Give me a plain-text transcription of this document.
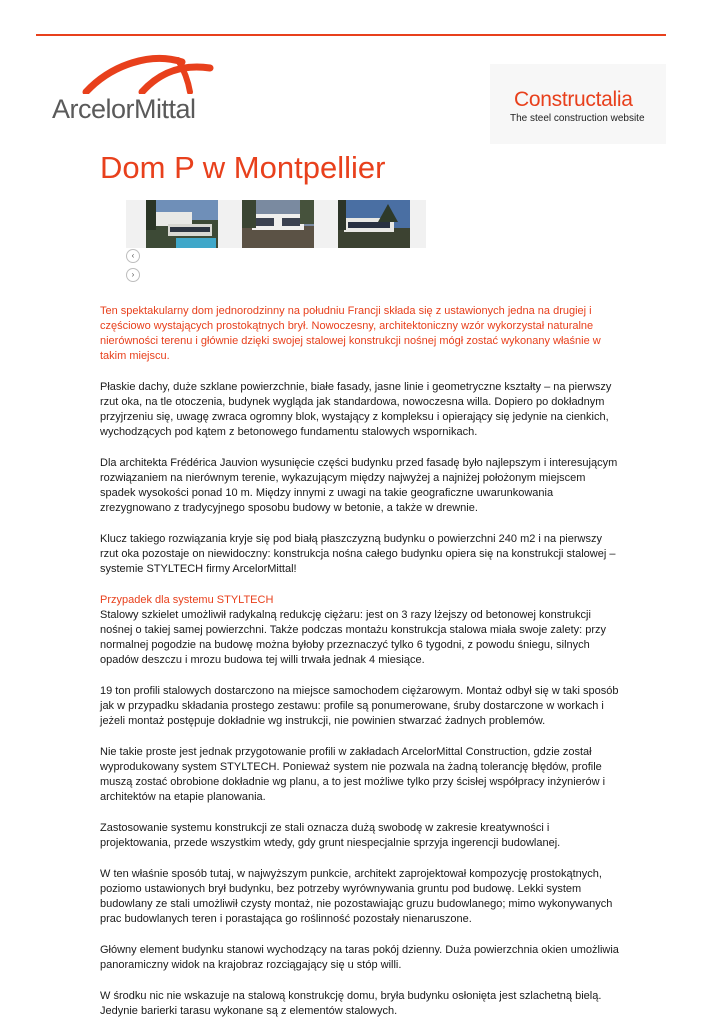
ArcelorMittal	Constructalia
The steel construction website
Dom P w Montpellier
‹
›

Ten spektakularny dom jednorodzinny na południu Francji składa się z ustawionych jedna na drugiej i częściowo wystających prostokątnych brył. Nowoczesny, architektoniczny wzór wykorzystał naturalne nierówności terenu i głównie dzięki swojej stalowej konstrukcji nośnej mógł zostać wykonany właśnie w takim miejscu.

Płaskie dachy, duże szklane powierzchnie, białe fasady, jasne linie i geometryczne kształty – na pierwszy rzut oka, na tle otoczenia, budynek wygląda jak standardowa, nowoczesna willa. Dopiero po dokładnym przyjrzeniu się, uwagę zwraca ogromny blok, wystający z kompleksu i opierający się jedynie na cienkich, wychodzących pod kątem z betonowego fundamentu stalowych wspornikach.

Dla architekta Frédérica Jauvion wysunięcie części budynku przed fasadę było najlepszym i interesującym rozwiązaniem na nierównym terenie, wykazującym między najwyżej a najniżej położonym miejscem spadek wysokości ponad 10 m. Między innymi z uwagi na takie geograficzne uwarunkowania zrezygnowano z tradycyjnego sposobu budowy w betonie, a także w drewnie.

Klucz takiego rozwiązania kryje się pod białą płaszczyzną budynku o powierzchni 240 m2 i na pierwszy rzut oka pozostaje on niewidoczny: konstrukcja nośna całego budynku opiera się na konstrukcji stalowej – systemie STYLTECH firmy ArcelorMittal!

Przypadek dla systemu STYLTECH
Stalowy szkielet umożliwił radykalną redukcję ciężaru: jest on 3 razy lżejszy od betonowej konstrukcji nośnej o takiej samej powierzchni. Także podczas montażu konstrukcja stalowa miała swoje zalety: przy normalnej pogodzie na budowę można byłoby przeznaczyć tylko 6 tygodni, z powodu śniegu, silnych opadów deszczu i mrozu budowa tej willi trwała jednak 4 miesiące.

19 ton profili stalowych dostarczono na miejsce samochodem ciężarowym. Montaż odbył się w taki sposób jak w przypadku składania prostego zestawu: profile są ponumerowane, śruby dostarczone w workach i jeżeli montaż postępuje dokładnie wg instrukcji, nie powinien stwarzać żadnych problemów.

Nie takie proste jest jednak przygotowanie profili w zakładach ArcelorMittal Construction, gdzie został wyprodukowany system STYLTECH. Ponieważ system nie pozwala na żadną tolerancję błędów, profile muszą zostać obrobione dokładnie wg planu, a to jest możliwe tylko przy ścisłej współpracy inżynierów i architektów na etapie planowania.

Zastosowanie systemu konstrukcji ze stali oznacza dużą swobodę w zakresie kreatywności i projektowania, przede wszystkim wtedy, gdy grunt niespecjalnie sprzyja ingerencji budowlanej.

W ten właśnie sposób tutaj, w najwyższym punkcie, architekt zaprojektował kompozycję prostokątnych, poziomo ustawionych brył budynku, bez potrzeby wyrównywania gruntu pod budowę. Lekki system budowlany ze stali umożliwił czysty montaż, nie pozostawiając gruzu budowlanego; mimo wykonywanych prac budowlanych teren i porastająca go roślinność pozostały nienaruszone.

Główny element budynku stanowi wychodzący na taras pokój dzienny. Duża powierzchnia okien umożliwia panoramiczny widok na krajobraz rozciągający się u stóp willi.

W środku nic nie wskazuje na stalową konstrukcję domu, bryła budynku osłonięta jest szlachetną bielą. Jedynie barierki tarasu wykonane są z elementów stalowych.
